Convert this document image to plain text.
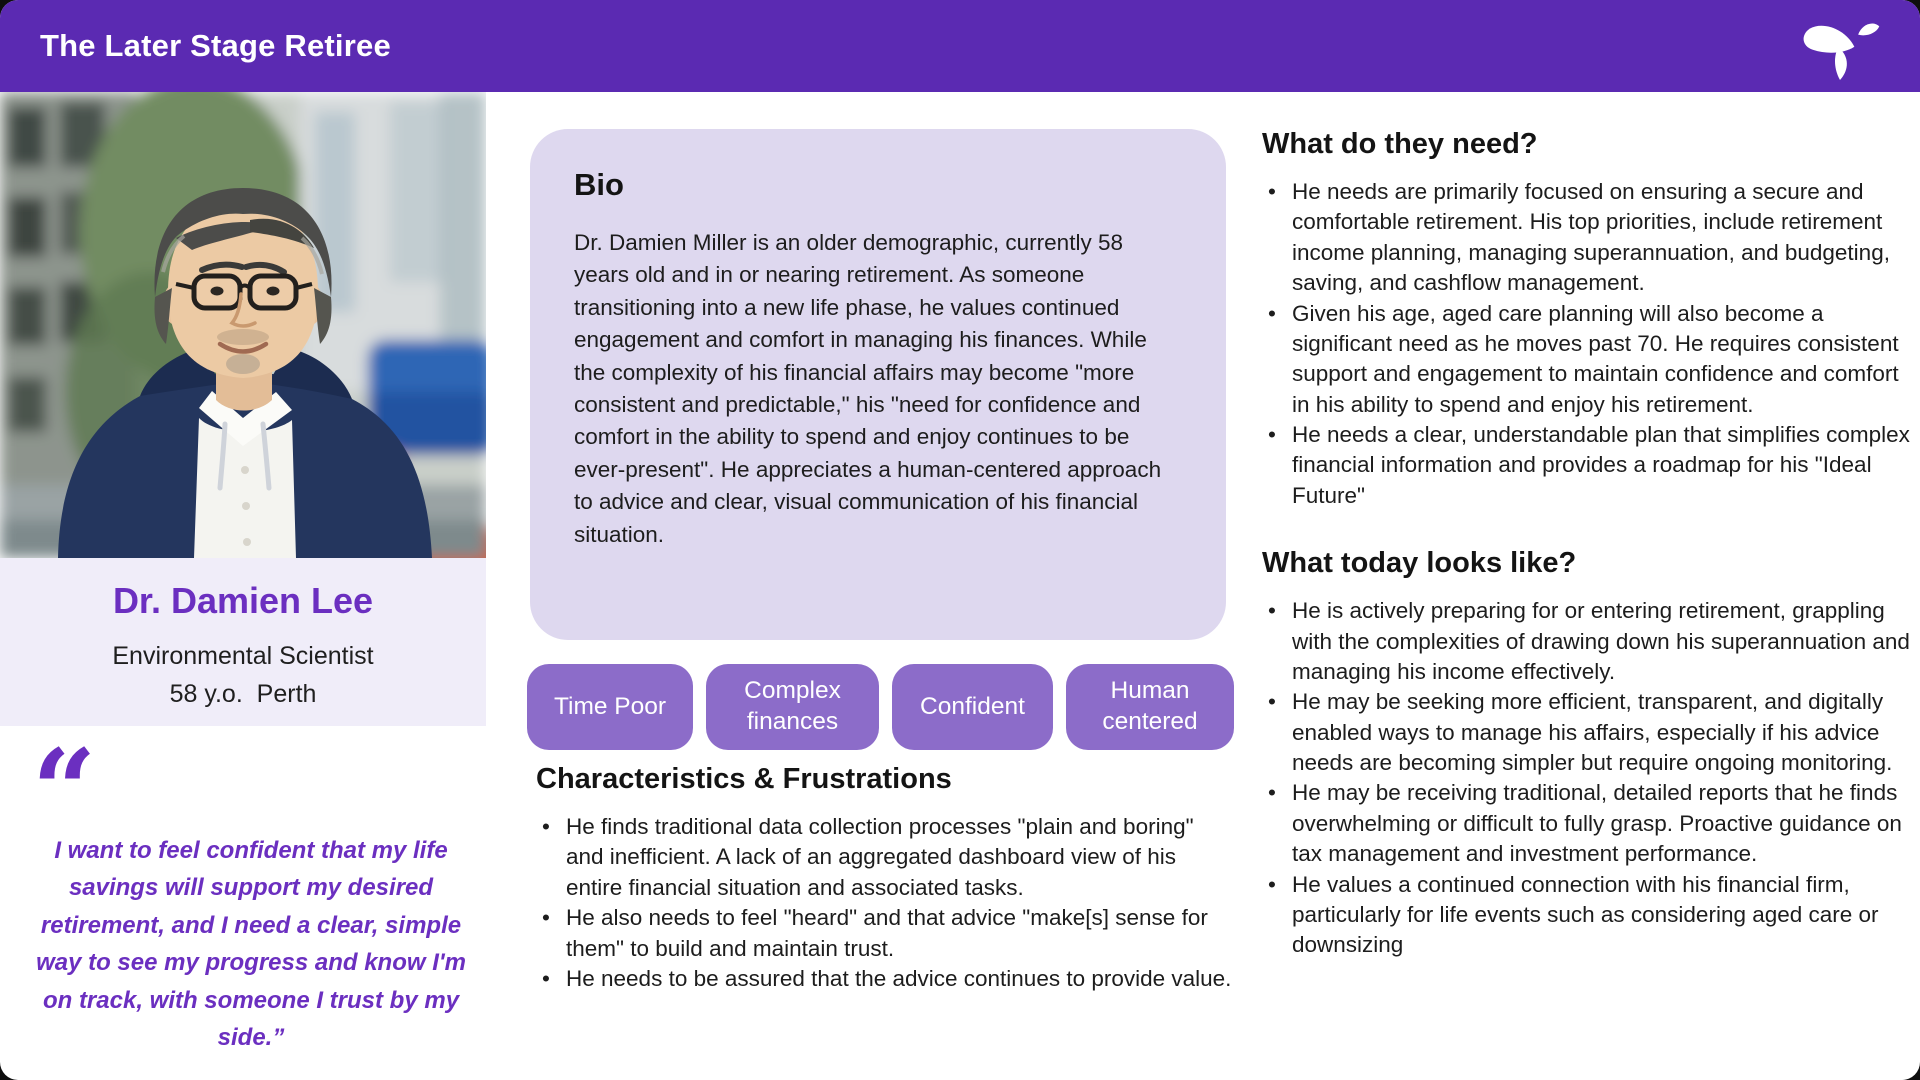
The Later Stage Retiree
Dr. Damien Lee
Environmental Scientist
58 y.o.  Perth
“

I want to feel confident that my life savings will support my desired retirement, and I need a clear, simple way to see my progress and know I'm on track, with someone I trust by my side.”

Bio

Dr. Damien Miller is an older demographic, currently 58 years old and in or nearing retirement. As someone transitioning into a new life phase, he values continued engagement and comfort in managing his finances. While the complexity of his financial affairs may become "more consistent and predictable," his "need for confidence and comfort in the ability to spend and enjoy continues to be ever-present". He appreciates a human-centered approach to advice and clear, visual communication of his financial situation.

Time Poor
Complex finances
Confident
Human centered
Characteristics & Frustrations
• He finds traditional data collection processes "plain and boring" and inefficient. A lack of an aggregated dashboard view of his entire financial situation and associated tasks.
• He also needs to feel "heard" and that advice "make[s] sense for them" to build and maintain trust.
• He needs to be assured that the advice continues to provide value.
What do they need?
• He needs are primarily focused on ensuring a secure and comfortable retirement. His top priorities, include retirement income planning, managing superannuation, and budgeting, saving, and cashflow management.
• Given his age, aged care planning will also become a significant need as he moves past 70. He requires consistent support and engagement to maintain confidence and comfort in his ability to spend and enjoy his retirement.
• He needs a clear, understandable plan that simplifies complex financial information and provides a roadmap for his "Ideal Future"
What today looks like?
• He is actively preparing for or entering retirement, grappling with the complexities of drawing down his superannuation and managing his income effectively.
• He may be seeking more efficient, transparent, and digitally enabled ways to manage his affairs, especially if his advice needs are becoming simpler but require ongoing monitoring.
• He may be receiving traditional, detailed reports that he finds overwhelming or difficult to fully grasp. Proactive guidance on tax management and investment performance.
• He values a continued connection with his financial firm, particularly for life events such as considering aged care or downsizing
